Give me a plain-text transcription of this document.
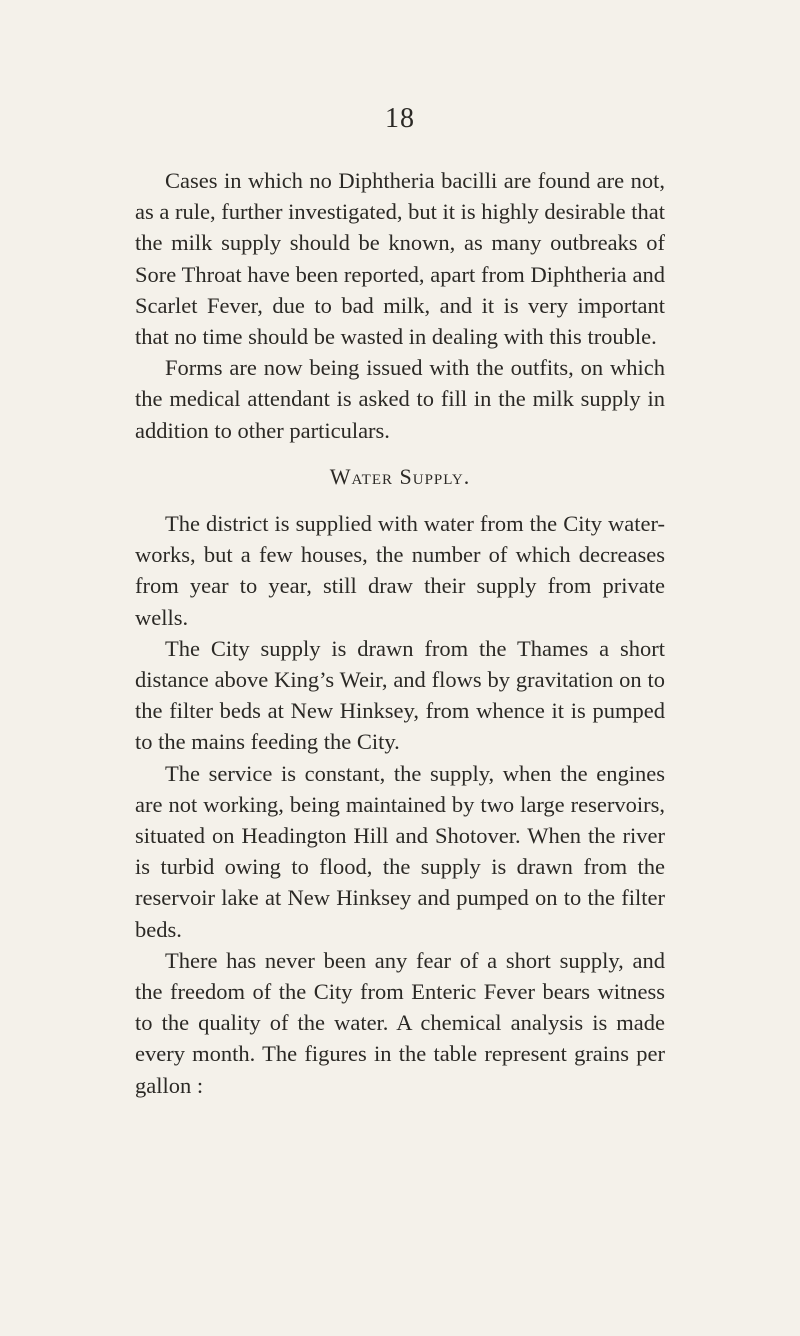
18

Cases in which no Diphtheria bacilli are found are not, as a rule, further investigated, but it is highly desirable that the milk supply should be known, as many outbreaks of Sore Throat have been reported, apart from Diphtheria and Scarlet Fever, due to bad milk, and it is very important that no time should be wasted in dealing with this trouble.

Forms are now being issued with the outfits, on which the medical attendant is asked to fill in the milk supply in addition to other particulars.

Water Supply.

The district is supplied with water from the City water-works, but a few houses, the number of which decreases from year to year, still draw their supply from private wells.

The City supply is drawn from the Thames a short distance above King’s Weir, and flows by gravitation on to the filter beds at New Hinksey, from whence it is pumped to the mains feeding the City.

The service is constant, the supply, when the engines are not working, being maintained by two large reservoirs, situated on Headington Hill and Shotover. When the river is turbid owing to flood, the supply is drawn from the reservoir lake at New Hinksey and pumped on to the filter beds.

There has never been any fear of a short supply, and the freedom of the City from Enteric Fever bears witness to the quality of the water. A chemical analysis is made every month. The figures in the table represent grains per gallon :
